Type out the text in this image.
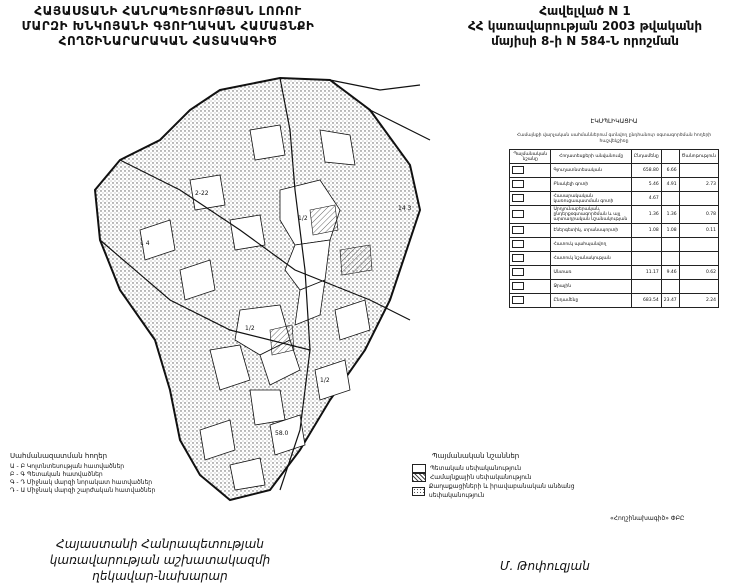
ՀԱՅԱՍՏԱՆԻ ՀԱՆՐԱՊԵՏՈՒԹՅԱՆ ԼՈՌՈՒ
ՄԱՐԶԻ ԽՆԿՈՅԱՆԻ ԳՅՈՒՂԱԿԱՆ ՀԱՄԱՅՆՔԻ
ՀՈՂՇԻՆԱՐԱՐԱԿԱՆ ՀԱՏԱԿԱԳԻԾ
Հավելված N 1
ՀՀ կառավարության 2003 թվականի
մայիսի 8-ի N 584-Ն որոշման
1/2
1/2
1/2
2-22
14 3
58.0
1 4
ԷԿՍՊԼԻԿԱՑԻԱ
Համայնքի վարչական սահմաններում գտնվող ընդհանուր օգտագործման հողերի հաշվեկշիռը
Պայմանական նշանը	Հողատեսքերի անվանումը	Ընդամենը		Ծանոթություն
	Գյուղատնտեսական	658.80	6.66	
	Բնակելի գոտի	5.46	4.91	2.73
	Հասարակական կառուցապատման գոտի	4.67		
	Արդյունաբերական, ընդերքօգտագործման և այլ արտադրական նշանակության	1.36	1.36	0.78
	Էներգետիկ, տրանսպորտի	1.08	1.08	0.11
	Հատուկ պահպանվող			
	Հատուկ նշանակության			
	Անտառ	11.17	9.46	0.62
	Ջրային			
	Ընդամենը	683.54	23.47	2.24
Սահմանազատման հողեր
Ա - Բ Կոլտնտեսության հատվածներ
Բ - Գ Պետական հատվածներ
Գ - Դ Միջնակ մարզի նորակատ հատվածներ
Դ - Ա Միջնակ մարզի շարժական հատվածներ
Պայմանական նշաններ
Պետական սեփականություն
Համայնքային սեփականություն
Քաղաքացիների և իրավաբանական անձանց սեփականություն
«Հողշինախագիծ» ՓԲԸ
Հայաստանի Հանրապետության
կառավարության աշխատակազմի
ղեկավար-նախարար
Մ. Թոփուզյան
